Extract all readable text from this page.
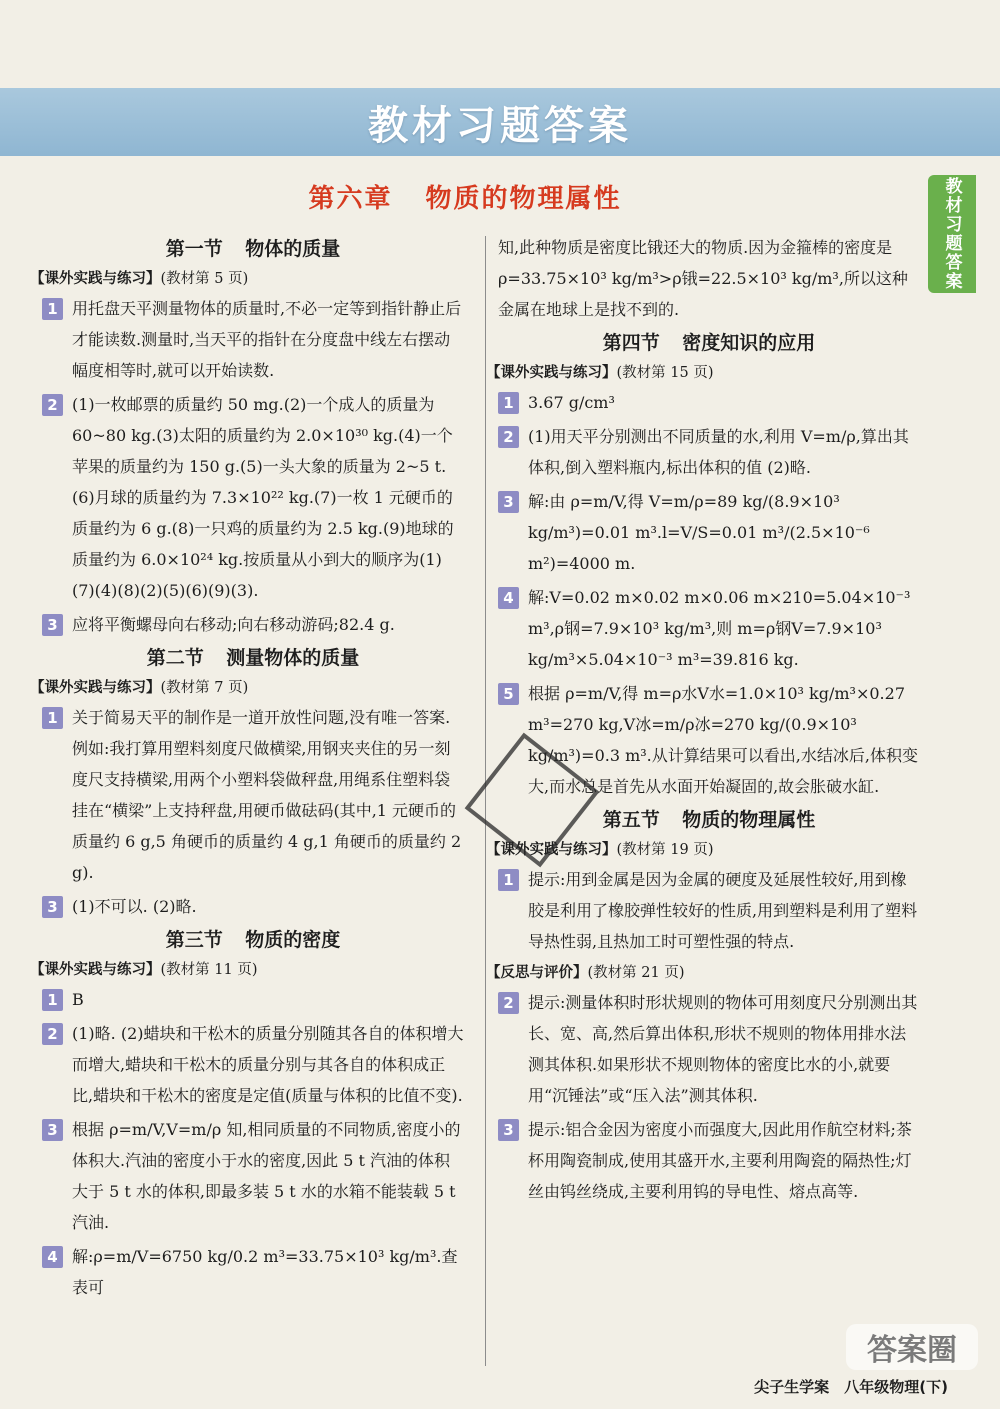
教材习题答案
教材习题答案
第六章 物质的物理属性
第一节 物体的质量
【课外实践与练习】(教材第 5 页)
1 用托盘天平测量物体的质量时,不必一定等到指针静止后才能读数.测量时,当天平的指针在分度盘中线左右摆动幅度相等时,就可以开始读数.
2 (1)一枚邮票的质量约 50 mg.(2)一个成人的质量为 60~80 kg.(3)太阳的质量约为 2.0×10³⁰ kg.(4)一个苹果的质量约为 150 g.(5)一头大象的质量为 2~5 t.(6)月球的质量约为 7.3×10²² kg.(7)一枚 1 元硬币的质量约为 6 g.(8)一只鸡的质量约为 2.5 kg.(9)地球的质量约为 6.0×10²⁴ kg.按质量从小到大的顺序为(1)(7)(4)(8)(2)(5)(6)(9)(3).
3 应将平衡螺母向右移动;向右移动游码;82.4 g.
第二节 测量物体的质量
【课外实践与练习】(教材第 7 页)
1 关于简易天平的制作是一道开放性问题,没有唯一答案.例如:我打算用塑料刻度尺做横梁,用钢夹夹住的另一刻度尺支持横梁,用两个小塑料袋做秤盘,用绳系住塑料袋挂在“横梁”上支持秤盘,用硬币做砝码(其中,1 元硬币的质量约 6 g,5 角硬币的质量约 4 g,1 角硬币的质量约 2 g).
3 (1)不可以. (2)略.
第三节 物质的密度
【课外实践与练习】(教材第 11 页)
1 B
2 (1)略. (2)蜡块和干松木的质量分别随其各自的体积增大而增大,蜡块和干松木的质量分别与其各自的体积成正比,蜡块和干松木的密度是定值(质量与体积的比值不变).
3 根据 ρ=m/V,V=m/ρ 知,相同质量的不同物质,密度小的体积大.汽油的密度小于水的密度,因此 5 t 汽油的体积大于 5 t 水的体积,即最多装 5 t 水的水箱不能装载 5 t 汽油.
4 解:ρ=m/V=6750 kg/0.2 m³=33.75×10³ kg/m³.查表可
知,此种物质是密度比锇还大的物质.因为金箍棒的密度是 ρ=33.75×10³ kg/m³>ρ锇=22.5×10³ kg/m³,所以这种金属在地球上是找不到的.
第四节 密度知识的应用
【课外实践与练习】(教材第 15 页)
1 3.67 g/cm³
2 (1)用天平分别测出不同质量的水,利用 V=m/ρ,算出其体积,倒入塑料瓶内,标出体积的值 (2)略.
3 解:由 ρ=m/V,得 V=m/ρ=89 kg/(8.9×10³ kg/m³)=0.01 m³.l=V/S=0.01 m³/(2.5×10⁻⁶ m²)=4000 m.
4 解:V=0.02 m×0.02 m×0.06 m×210=5.04×10⁻³ m³,ρ钢=7.9×10³ kg/m³,则 m=ρ钢V=7.9×10³ kg/m³×5.04×10⁻³ m³=39.816 kg.
5 根据 ρ=m/V,得 m=ρ水V水=1.0×10³ kg/m³×0.27 m³=270 kg,V冰=m/ρ冰=270 kg/(0.9×10³ kg/m³)=0.3 m³.从计算结果可以看出,水结冰后,体积变大,而水总是首先从水面开始凝固的,故会胀破水缸.
第五节 物质的物理属性
【课外实践与练习】(教材第 19 页)
1 提示:用到金属是因为金属的硬度及延展性较好,用到橡胶是利用了橡胶弹性较好的性质,用到塑料是利用了塑料导热性弱,且热加工时可塑性强的特点.
【反思与评价】(教材第 21 页)
2 提示:测量体积时形状规则的物体可用刻度尺分别测出其长、宽、高,然后算出体积,形状不规则的物体用排水法测其体积.如果形状不规则物体的密度比水的小,就要用“沉锤法”或“压入法”测其体积.
3 提示:铝合金因为密度小而强度大,因此用作航空材料;茶杯用陶瓷制成,使用其盛开水,主要利用陶瓷的隔热性;灯丝由钨丝绕成,主要利用钨的导电性、熔点高等.
答案圈
尖子生学案 八年级物理(下)
